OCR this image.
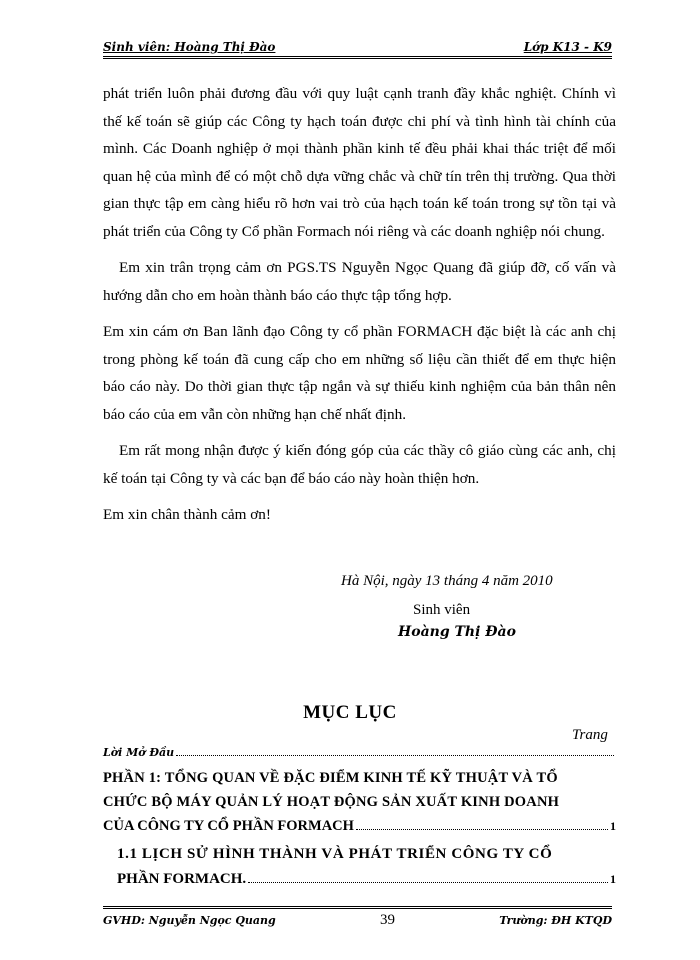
Sinh viên: Hoàng Thị Đào	Lớp K13 - K9

phát triển luôn phải đương đầu với quy luật cạnh tranh đầy khắc nghiệt. Chính vì thế kế toán sẽ giúp các Công ty hạch toán được chi phí và tình hình tài chính của mình. Các Doanh nghiệp ở mọi thành phần kinh tế đều phải khai thác triệt để mối quan hệ của mình để có một chỗ dựa vững chắc và chữ tín trên thị trường. Qua thời gian thực tập em càng hiểu rõ hơn vai trò của hạch toán kế toán trong sự tồn tại và phát triển của Công ty Cổ phần Formach nói riêng và các doanh nghiệp nói chung.

Em xin trân trọng cảm ơn PGS.TS Nguyễn Ngọc Quang đã giúp đỡ, cố vấn và hướng dẫn cho em hoàn thành báo cáo thực tập tổng hợp.

Em xin cám ơn Ban lãnh đạo Công ty cổ phần FORMACH đặc biệt là các anh chị trong phòng kế toán đã cung cấp cho em những số liệu cần thiết để em thực hiện báo cáo này. Do thời gian thực tập ngắn và sự thiếu kinh nghiệm của bản thân nên báo cáo của em vẫn còn những hạn chế nhất định.

Em rất mong nhận được ý kiến đóng góp của các thầy cô giáo cùng các anh, chị kế toán tại Công ty và các bạn để báo cáo này hoàn thiện hơn.

Em xin chân thành cảm ơn!

Hà Nội, ngày 13 tháng 4 năm 2010
Sinh viên
Hoàng Thị Đào
MỤC LỤC
Trang
Lời Mở Đầu
PHẦN 1: TỔNG QUAN VỀ ĐẶC ĐIỂM KINH TẾ KỸ THUẬT VÀ TỔ
CHỨC BỘ MÁY QUẢN LÝ HOẠT ĐỘNG SẢN XUẤT KINH DOANH
CỦA CÔNG TY CỔ PHẦN FORMACH	1
1.1 LỊCH SỬ HÌNH THÀNH VÀ PHÁT TRIỂN CÔNG TY CỔ
PHẦN FORMACH.	1
GVHD: Nguyễn Ngọc Quang	39	Trường: ĐH KTQD
